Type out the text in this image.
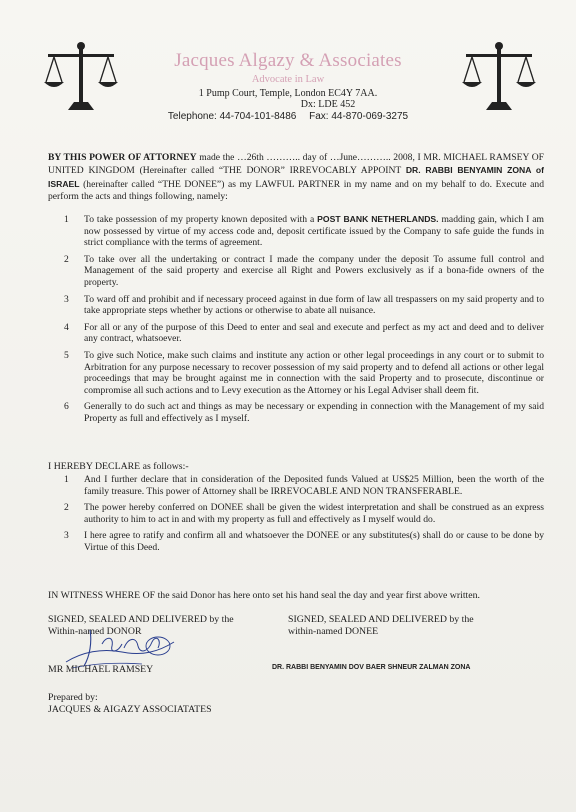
Jacques Algazy & Associates
Advocate in Law
1 Pump Court, Temple, London EC4Y 7AA.
Dx: LDE 452
Telephone: 44-704-101-8486 Fax: 44-870-069-3275
BY THIS POWER OF ATTORNEY made the …26th ……….. day of …June……….. 2008, I MR. MICHAEL RAMSEY OF UNITED KINGDOM (Hereinafter called “THE DONOR” IRREVOCABLY APPOINT DR. RABBI BENYAMIN ZONA of ISRAEL (hereinafter called “THE DONEE”) as my LAWFUL PARTNER in my name and on my behalf to do. Execute and perform the acts and things following, namely:
1 To take possession of my property known deposited with a POST BANK NETHERLANDS. madding gain, which I am now possessed by virtue of my access code and, deposit certificate issued by the Company to safe guide the funds in strict compliance with the terms of agreement.
2 To take over all the undertaking or contract I made the company under the deposit To assume full control and Management of the said property and exercise all Right and Powers exclusively as if a bona-fide owners of the property.
3 To ward off and prohibit and if necessary proceed against in due form of law all trespassers on my said property and to take appropriate steps whether by actions or otherwise to abate all nuisance.
4 For all or any of the purpose of this Deed to enter and seal and execute and perfect as my act and deed and to deliver any contract, whatsoever.
5 To give such Notice, make such claims and institute any action or other legal proceedings in any court or to submit to Arbitration for any purpose necessary to recover possession of my said property and to defend all actions or other legal proceedings that may be brought against me in connection with the said Property and to prosecute, discontinue or compromise all such actions and to Levy execution as the Attorney or his Legal Adviser shall deem fit.
6 Generally to do such act and things as may be necessary or expending in connection with the Management of my said Property as full and effectively as I myself.
I HEREBY DECLARE as follows:-
1 And I further declare that in consideration of the Deposited funds Valued at US$25 Million, been the worth of the family treasure. This power of Attorney shall be IRREVOCABLE AND NON TRANSFERABLE.
2 The power hereby conferred on DONEE shall be given the widest interpretation and shall be construed as an express authority to him to act in and with my property as full and effectively as I myself would do.
3 I here agree to ratify and confirm all and whatsoever the DONEE or any substitutes(s) shall do or cause to be done by Virtue of this Deed.
IN WITNESS WHERE OF the said Donor has here onto set his hand seal the day and year first above written.
SIGNED, SEALED AND DELIVERED by the
Within-named DONOR
SIGNED, SEALED AND DELIVERED by the
within-named DONEE
MR MICHAEL RAMSEY	DR. RABBI BENYAMIN DOV BAER SHNEUR ZALMAN ZONA
Prepared by:
JACQUES & AIGAZY ASSOCIATATES
